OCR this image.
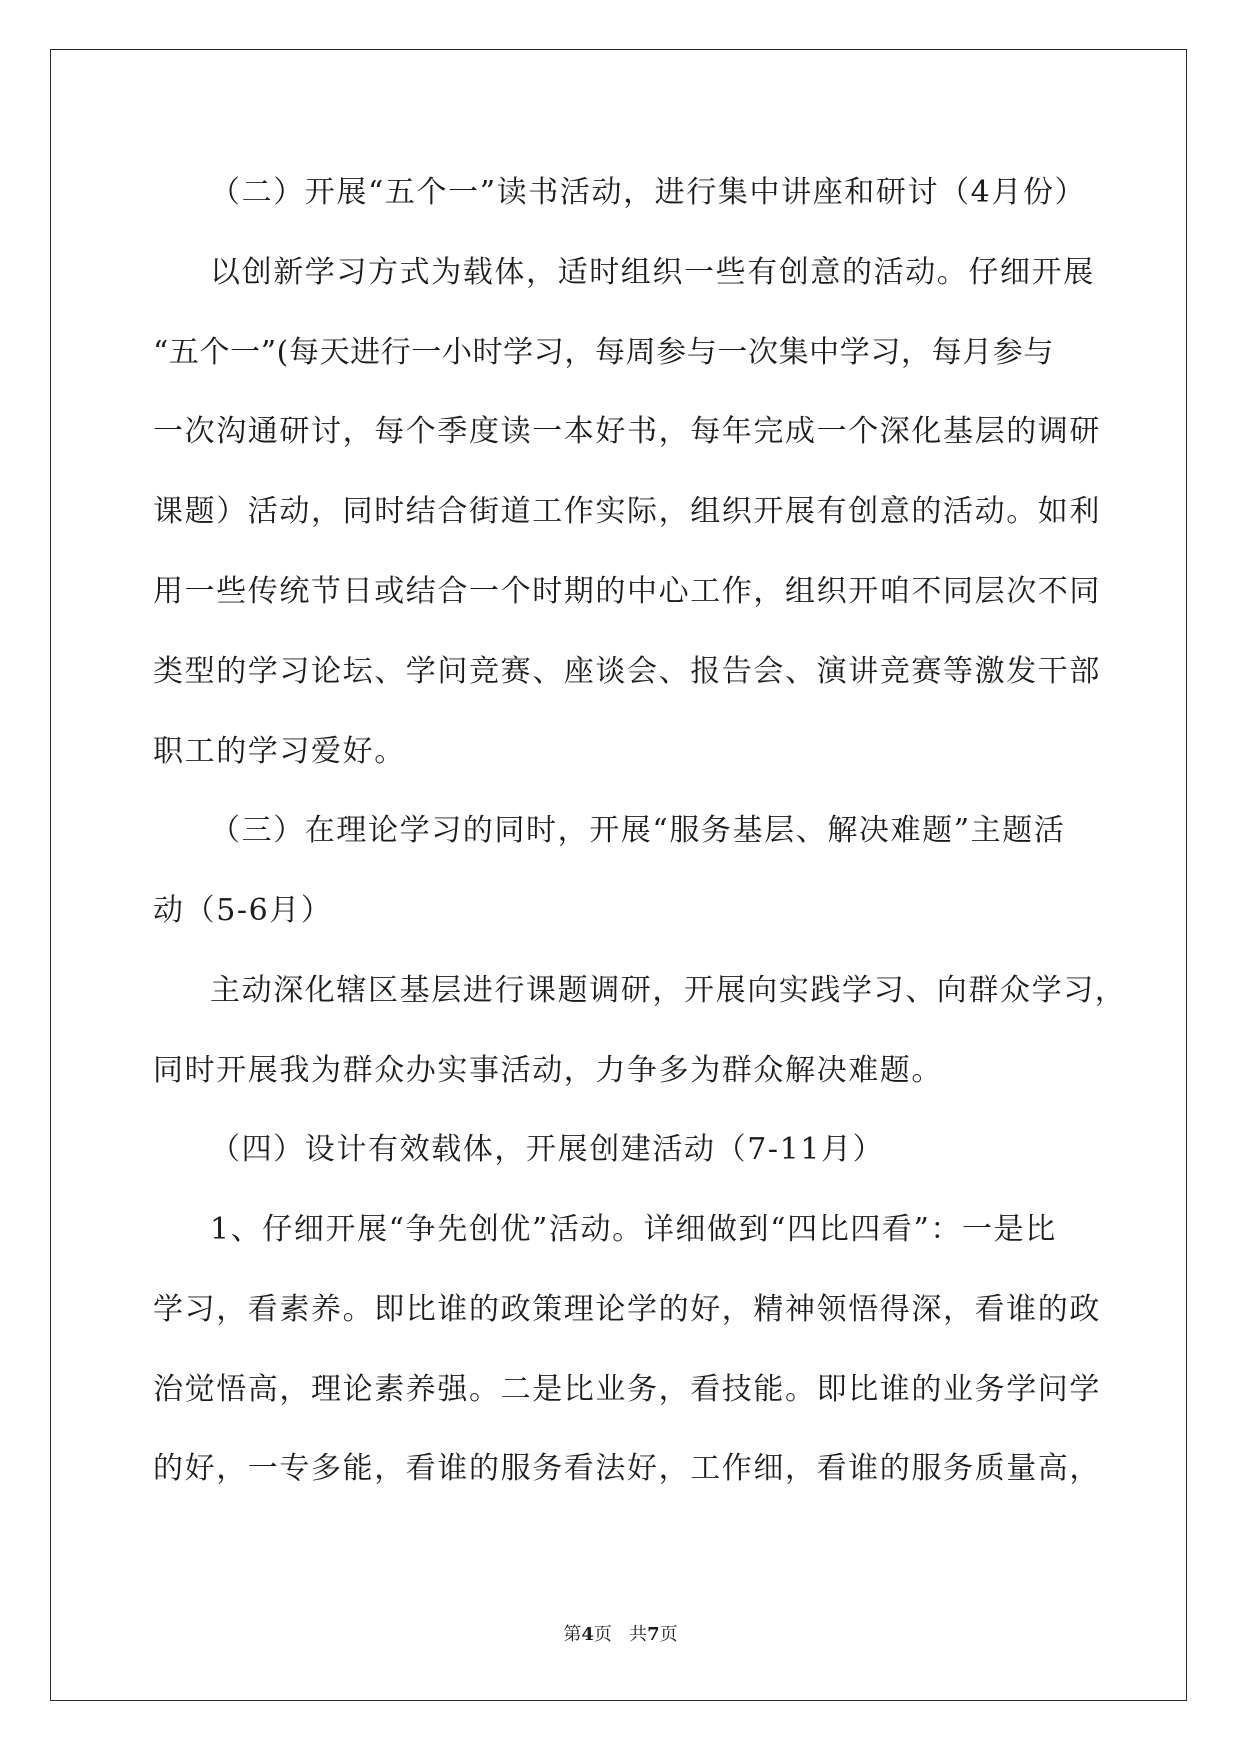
（二）开展“五个一”读书活动，进行集中讲座和研讨（4月份）

以创新学习方式为载体，适时组织一些有创意的活动。仔细开展

“五个一”(每天进行一小时学习，每周参与一次集中学习，每月参与

一次沟通研讨，每个季度读一本好书，每年完成一个深化基层的调研

课题）活动，同时结合街道工作实际，组织开展有创意的活动。如利

用一些传统节日或结合一个时期的中心工作，组织开咱不同层次不同

类型的学习论坛、学问竞赛、座谈会、报告会、演讲竞赛等激发干部

职工的学习爱好。

（三）在理论学习的同时，开展“服务基层、解决难题”主题活

动（5-6月）

主动深化辖区基层进行课题调研，开展向实践学习、向群众学习，

同时开展我为群众办实事活动，力争多为群众解决难题。

（四）设计有效载体，开展创建活动（7-11月）

1、仔细开展“争先创优”活动。详细做到“四比四看”：一是比

学习，看素养。即比谁的政策理论学的好，精神领悟得深，看谁的政

治觉悟高，理论素养强。二是比业务，看技能。即比谁的业务学问学

的好，一专多能，看谁的服务看法好，工作细，看谁的服务质量高，

第4页   共7页
